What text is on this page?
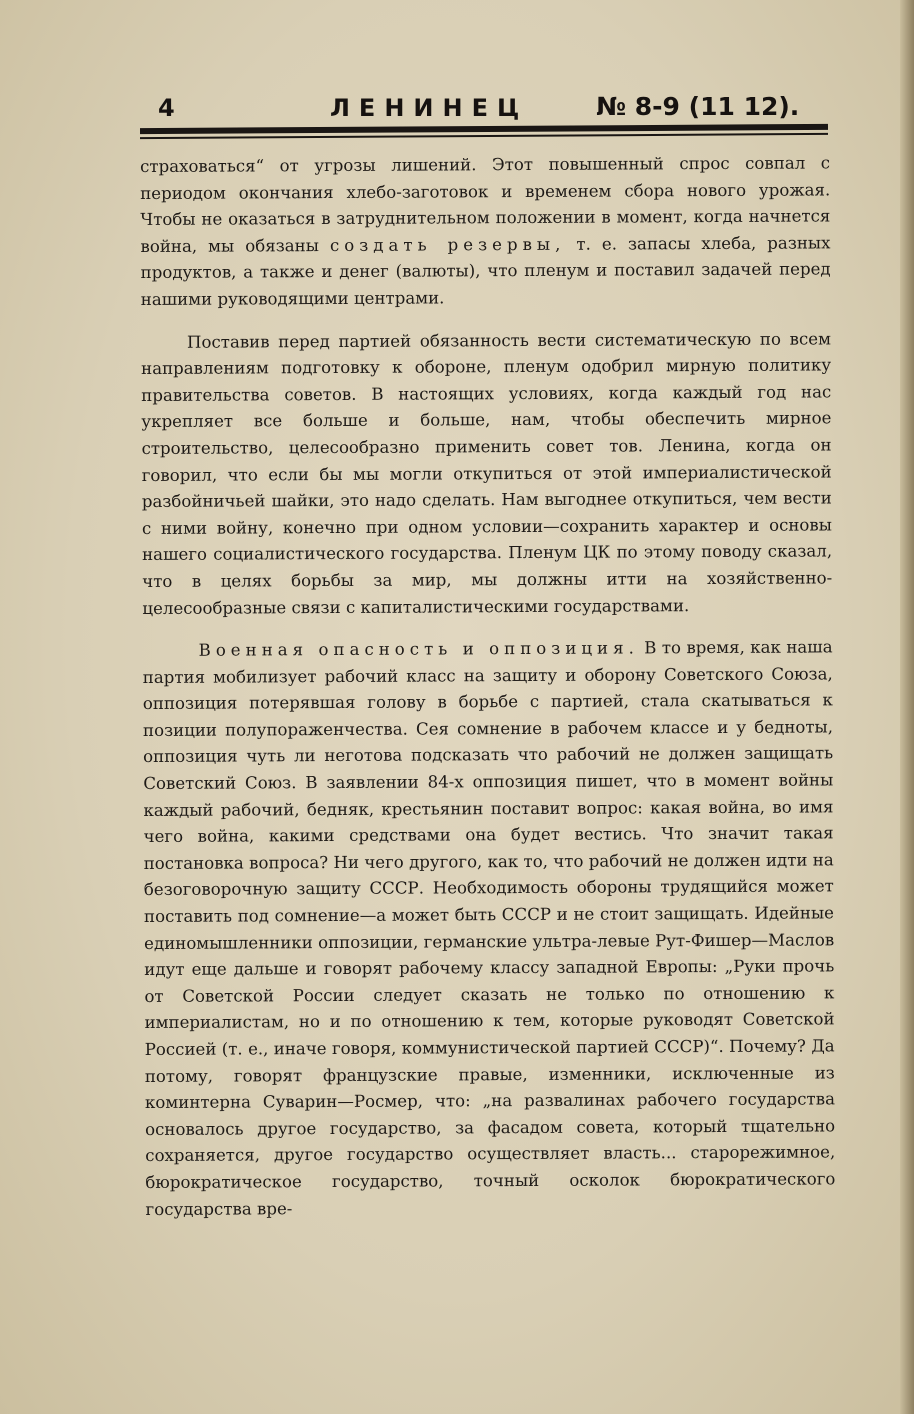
4	ЛЕНИНЕЦ	№ 8-9 (11 12).

страховаться“ от угрозы лишений. Этот повышенный спрос совпал с периодом окончания хлебо-заготовок и временем сбора нового урожая. Чтобы не оказаться в затруднительном положении в момент, когда начнется война, мы обязаны создать резервы, т. е. запасы хлеба, разных продуктов, а также и денег (валюты), что пленум и поставил задачей перед нашими руководящими центрами.

Поставив перед партией обязанность вести систематическую по всем направлениям подготовку к обороне, пленум одобрил мирную политику правительства советов. В настоящих условиях, когда каждый год нас укрепляет все больше и больше, нам, чтобы обеспечить мирное строительство, целесообразно применить совет тов. Ленина, когда он говорил, что если бы мы могли откупиться от этой империалистической разбойничьей шайки, это надо сделать. Нам выгоднее откупиться, чем вести с ними войну, конечно при одном условии—сохранить характер и основы нашего социалистического государства. Пленум ЦК по этому поводу сказал, что в целях борьбы за мир, мы должны итти на хозяйственно-целесообразные связи с капиталистическими государствами.

Военная опасность и оппозиция. В то время, как наша партия мобилизует рабочий класс на защиту и оборону Советского Союза, оппозиция потерявшая голову в борьбе с партией, стала скатываться к позиции полупораженчества. Сея сомнение в рабочем классе и у бедноты, оппозиция чуть ли неготова подсказать что рабочий не должен защищать Советский Союз. В заявлении 84-х оппозиция пишет, что в момент войны каждый рабочий, бедняк, крестьянин поставит вопрос: какая война, во имя чего война, какими средствами она будет вестись. Что значит такая постановка вопроса? Ни чего другого, как то, что рабочий не должен идти на безоговорочную защиту СССР. Необходимость обороны трудящийся может поставить под сомнение—а может быть СССР и не стоит защищать. Идейные единомышленники оппозиции, германские ультра-левые Рут-Фишер—Маслов идут еще дальше и говорят рабочему классу западной Европы: „Руки прочь от Советской России следует сказать не только по отношению к империалистам, но и по отношению к тем, которые руководят Советской Россией (т. е., иначе говоря, коммунистической партией СССР)“. Почему? Да потому, говорят французские правые, изменники, исключенные из коминтерна Суварин—Росмер, что: „на развалинах рабочего государства основалось другое государство, за фасадом совета, который тщательно сохраняется, другое государство осуществляет власть... старорежимное, бюрократическое государство, точный осколок бюрократического государства вре-
